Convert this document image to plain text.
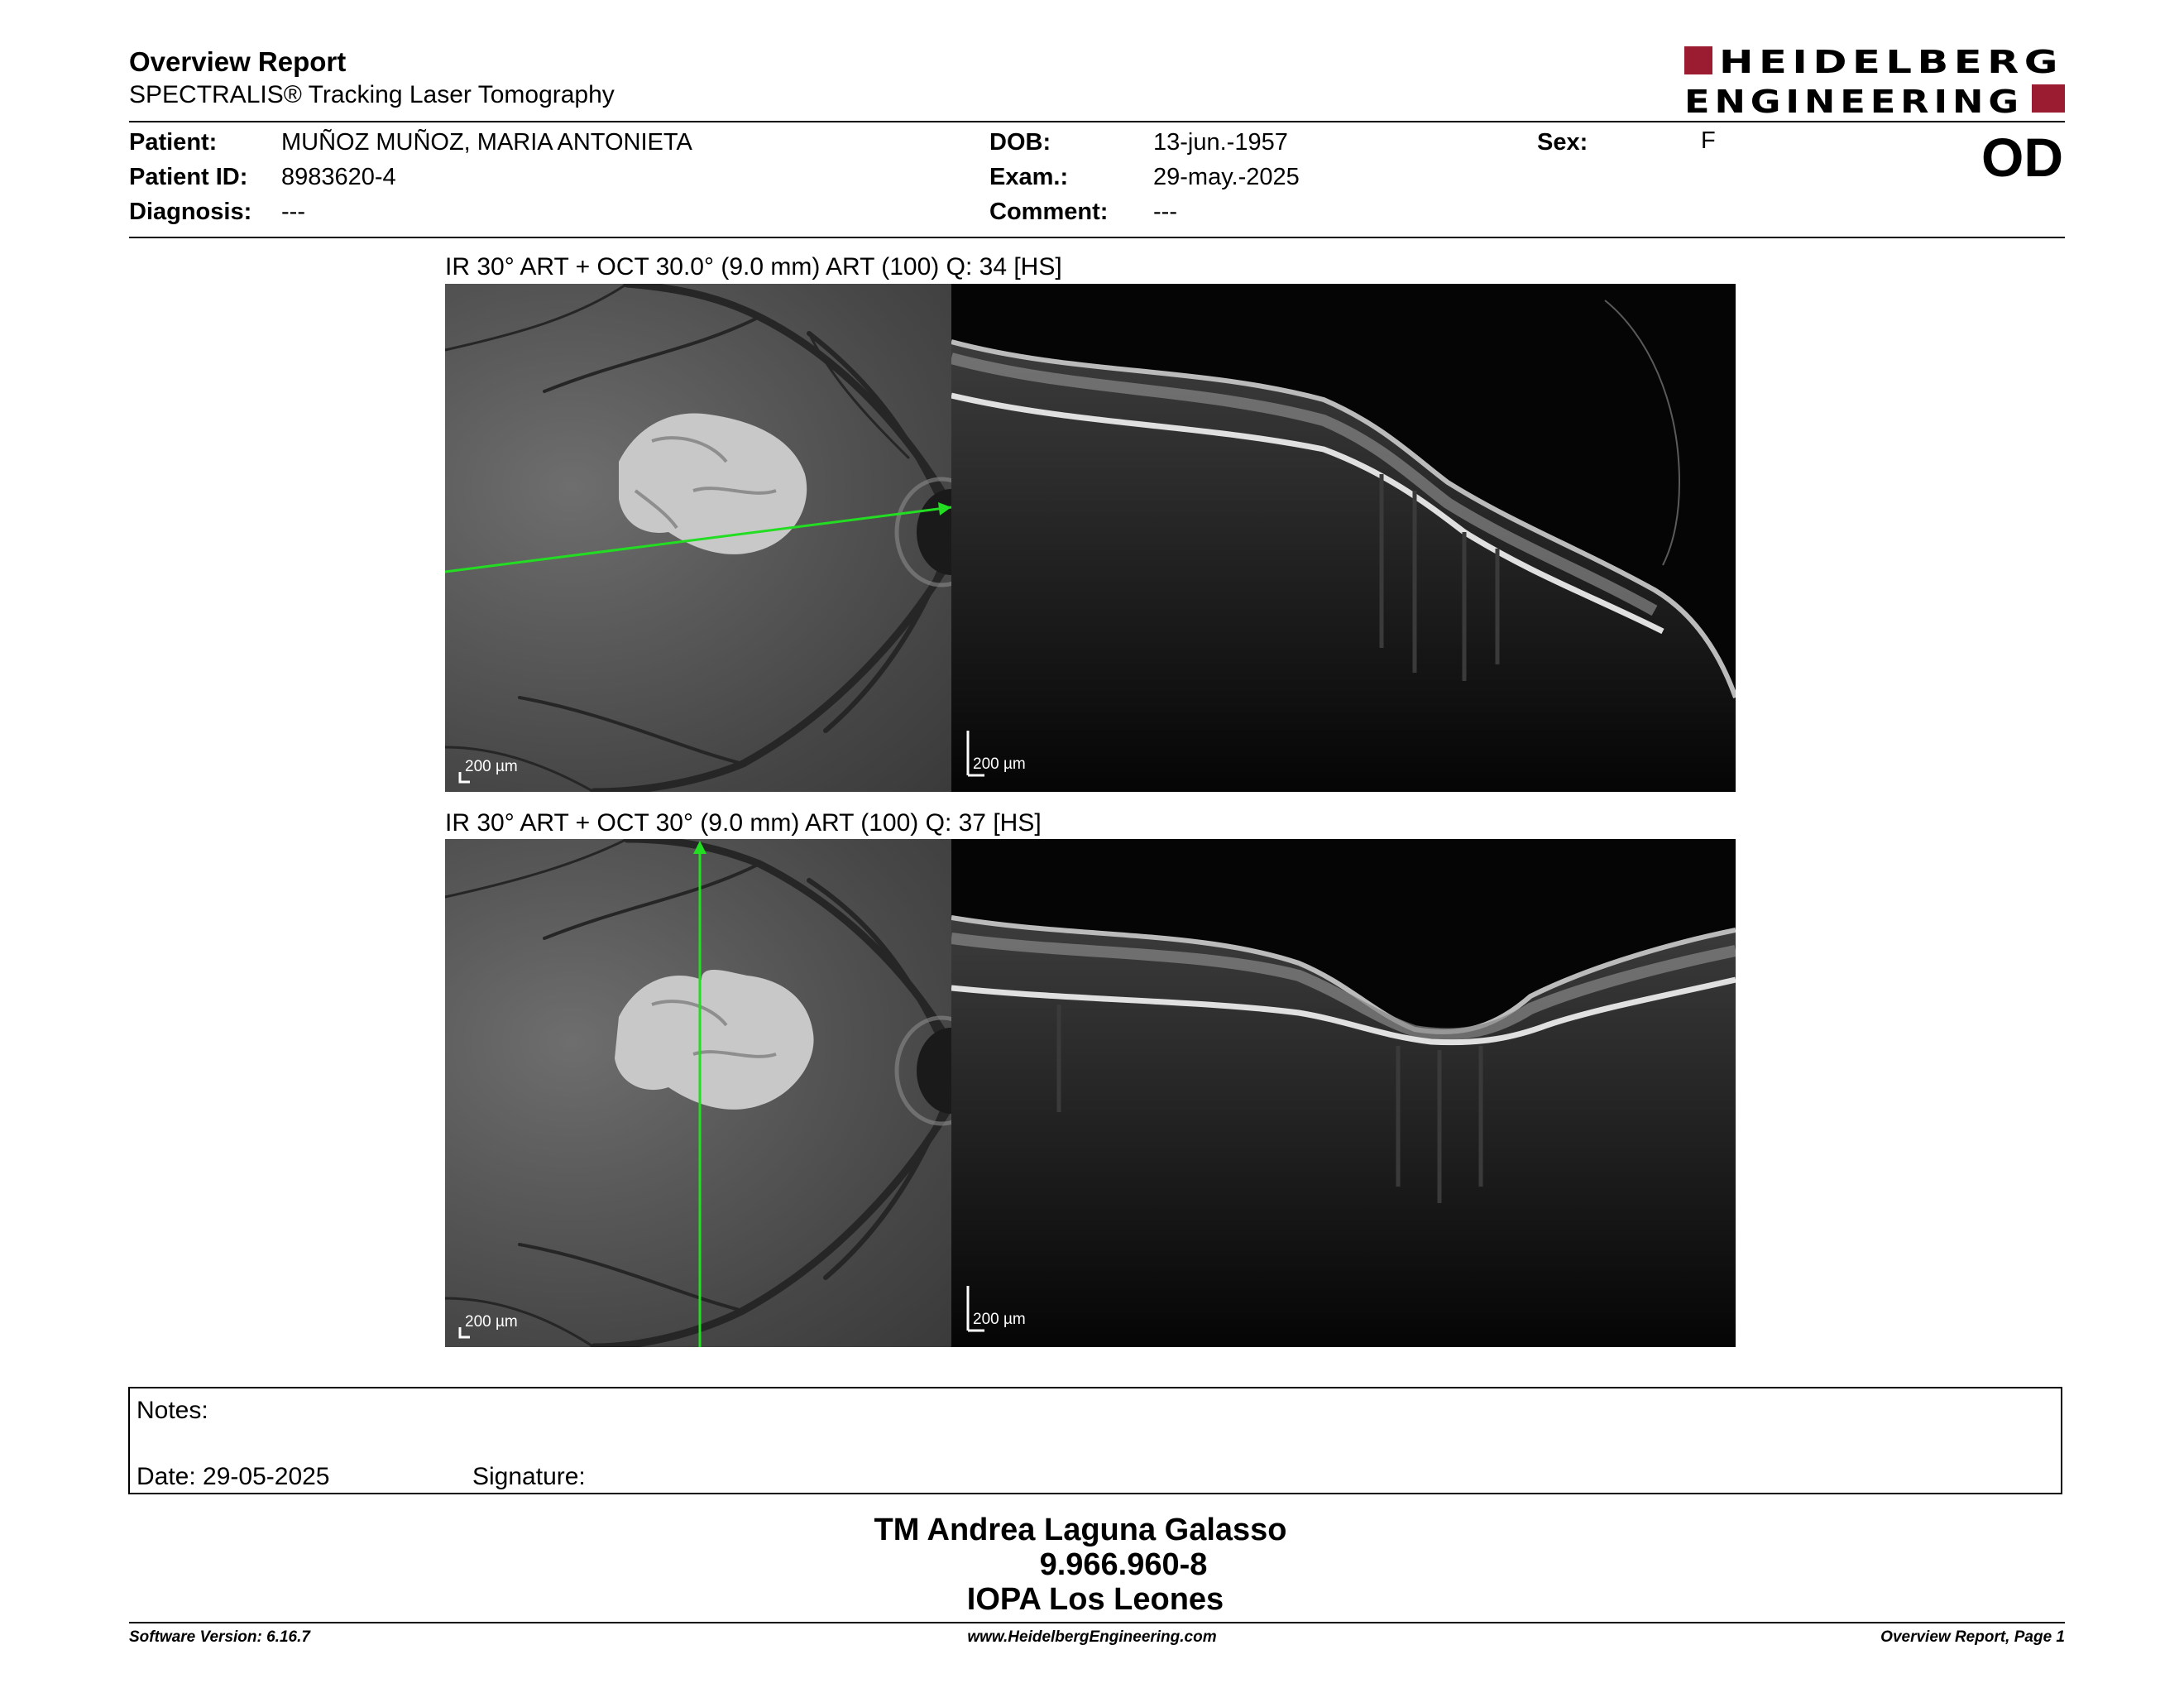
Overview Report
SPECTRALIS® Tracking Laser Tomography
HEIDELBERG
ENGINEERING
Patient:	MUÑOZ MUÑOZ, MARIA ANTONIETA
Patient ID: 8983620-4
Diagnosis: ---
DOB:	13-jun.-1957
Exam.:	29-may.-2025
Comment: ---
Sex:	F	OD
IR 30° ART + OCT 30.0° (9.0 mm) ART (100) Q: 34 [HS]
200 µm	200 µm
IR 30° ART + OCT 30° (9.0 mm) ART (100) Q: 37 [HS]
200 µm	200 µm
Notes:
Date: 29-05-2025	Signature:
TM Andrea Laguna Galasso
9.966.960-8
IOPA Los Leones
Software Version: 6.16.7	www.HeidelbergEngineering.com	Overview Report, Page 1
